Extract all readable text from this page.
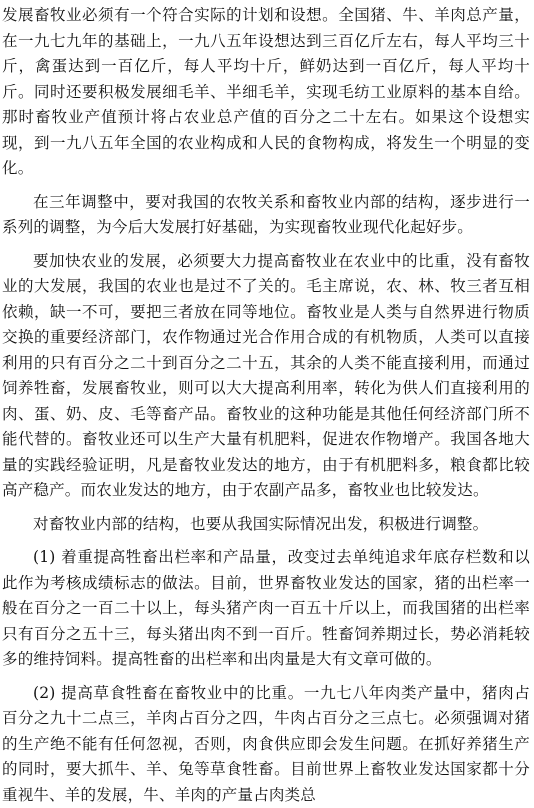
发展畜牧业必须有一个符合实际的计划和设想。全国猪、牛、羊肉总产量，在一九七九年的基础上，一九八五年设想达到三百亿斤左右，每人平均三十斤，禽蛋达到一百亿斤，每人平均十斤，鲜奶达到一百亿斤，每人平均十斤。同时还要积极发展细毛羊、半细毛羊，实现毛纺工业原料的基本自给。那时畜牧业产值预计将占农业总产值的百分之二十左右。如果这个设想实现，到一九八五年全国的农业构成和人民的食物构成，将发生一个明显的变化。

在三年调整中，要对我国的农牧关系和畜牧业内部的结构，逐步进行一系列的调整，为今后大发展打好基础，为实现畜牧业现代化起好步。

要加快农业的发展，必须要大力提高畜牧业在农业中的比重，没有畜牧业的大发展，我国的农业也是过不了关的。毛主席说，农、林、牧三者互相依赖，缺一不可，要把三者放在同等地位。畜牧业是人类与自然界进行物质交换的重要经济部门，农作物通过光合作用合成的有机物质，人类可以直接利用的只有百分之二十到百分之二十五，其余的人类不能直接利用，而通过饲养牲畜，发展畜牧业，则可以大大提高利用率，转化为供人们直接利用的肉、蛋、奶、皮、毛等畜产品。畜牧业的这种功能是其他任何经济部门所不能代替的。畜牧业还可以生产大量有机肥料，促进农作物增产。我国各地大量的实践经验证明，凡是畜牧业发达的地方，由于有机肥料多，粮食都比较高产稳产。而农业发达的地方，由于农副产品多，畜牧业也比较发达。

对畜牧业内部的结构，也要从我国实际情况出发，积极进行调整。

(1) 着重提高牲畜出栏率和产品量，改变过去单纯追求年底存栏数和以此作为考核成绩标志的做法。目前，世界畜牧业发达的国家，猪的出栏率一般在百分之一百二十以上，每头猪产肉一百五十斤以上，而我国猪的出栏率只有百分之五十三，每头猪出肉不到一百斤。牲畜饲养期过长，势必消耗较多的维持饲料。提高牲畜的出栏率和出肉量是大有文章可做的。

(2) 提高草食牲畜在畜牧业中的比重。一九七八年肉类产量中，猪肉占百分之九十二点三，羊肉占百分之四，牛肉占百分之三点七。必须强调对猪的生产绝不能有任何忽视，否则，肉食供应即会发生问题。在抓好养猪生产的同时，要大抓牛、羊、兔等草食牲畜。目前世界上畜牧业发达国家都十分重视牛、羊的发展，牛、羊肉的产量占肉类总
